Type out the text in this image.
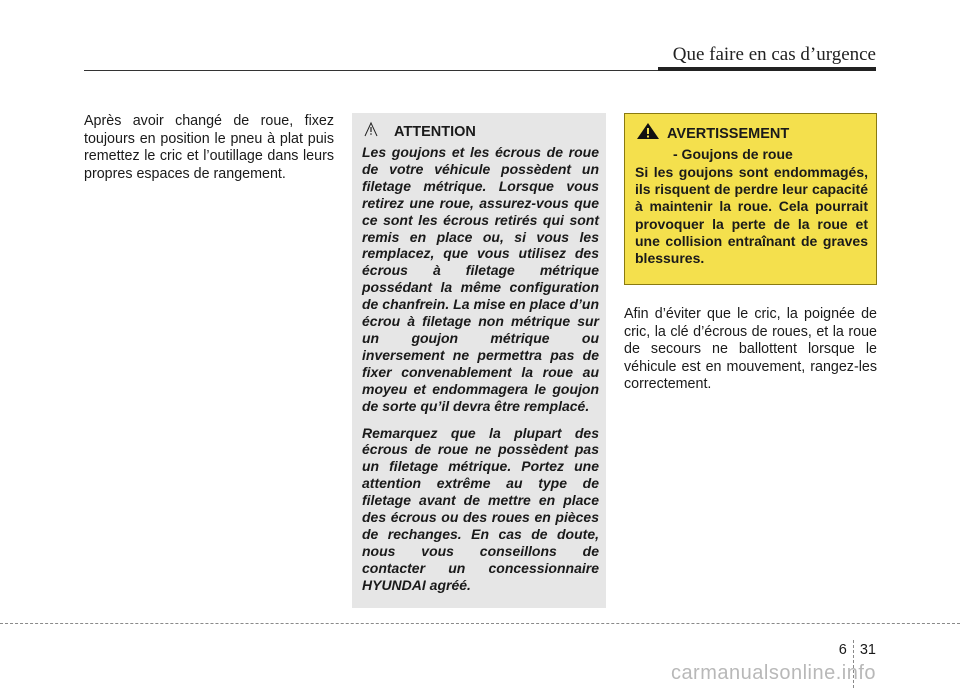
Que faire en cas d’urgence
Après avoir changé de roue, fixez toujours en position le pneu à plat puis remettez le cric et l’outillage dans leurs propres espaces de rangement.
ATTENTION

Les goujons et les écrous de roue de votre véhicule possèdent un filetage métrique. Lorsque vous retirez une roue, assurez-vous que ce sont les écrous retirés qui sont remis en place ou, si vous les remplacez, que vous utilisez des écrous à filetage métrique possédant la même configuration de chanfrein. La mise en place d’un écrou à filetage non métrique sur un goujon métrique ou inversement ne permettra pas de fixer convenablement la roue au moyeu et endommagera le goujon de sorte qu’il devra être remplacé.

Remarquez que la plupart des écrous de roue ne possèdent pas un filetage métrique. Portez une attention extrême au type de filetage avant de mettre en place des écrous ou des roues en pièces de rechanges. En cas de doute, nous vous conseillons de contacter un concessionnaire HYUNDAI agréé.

AVERTISSEMENT
- Goujons de roue
Si les goujons sont endommagés, ils risquent de perdre leur capacité à maintenir la roue. Cela pourrait provoquer la perte de la roue et une collision entraînant de graves blessures.
Afin d’éviter que le cric, la poignée de cric, la clé d’écrous de roues, et la roue de secours ne ballottent lorsque le véhicule est en mouvement, rangez-les correctement.
6 31
carmanualsonline.info
